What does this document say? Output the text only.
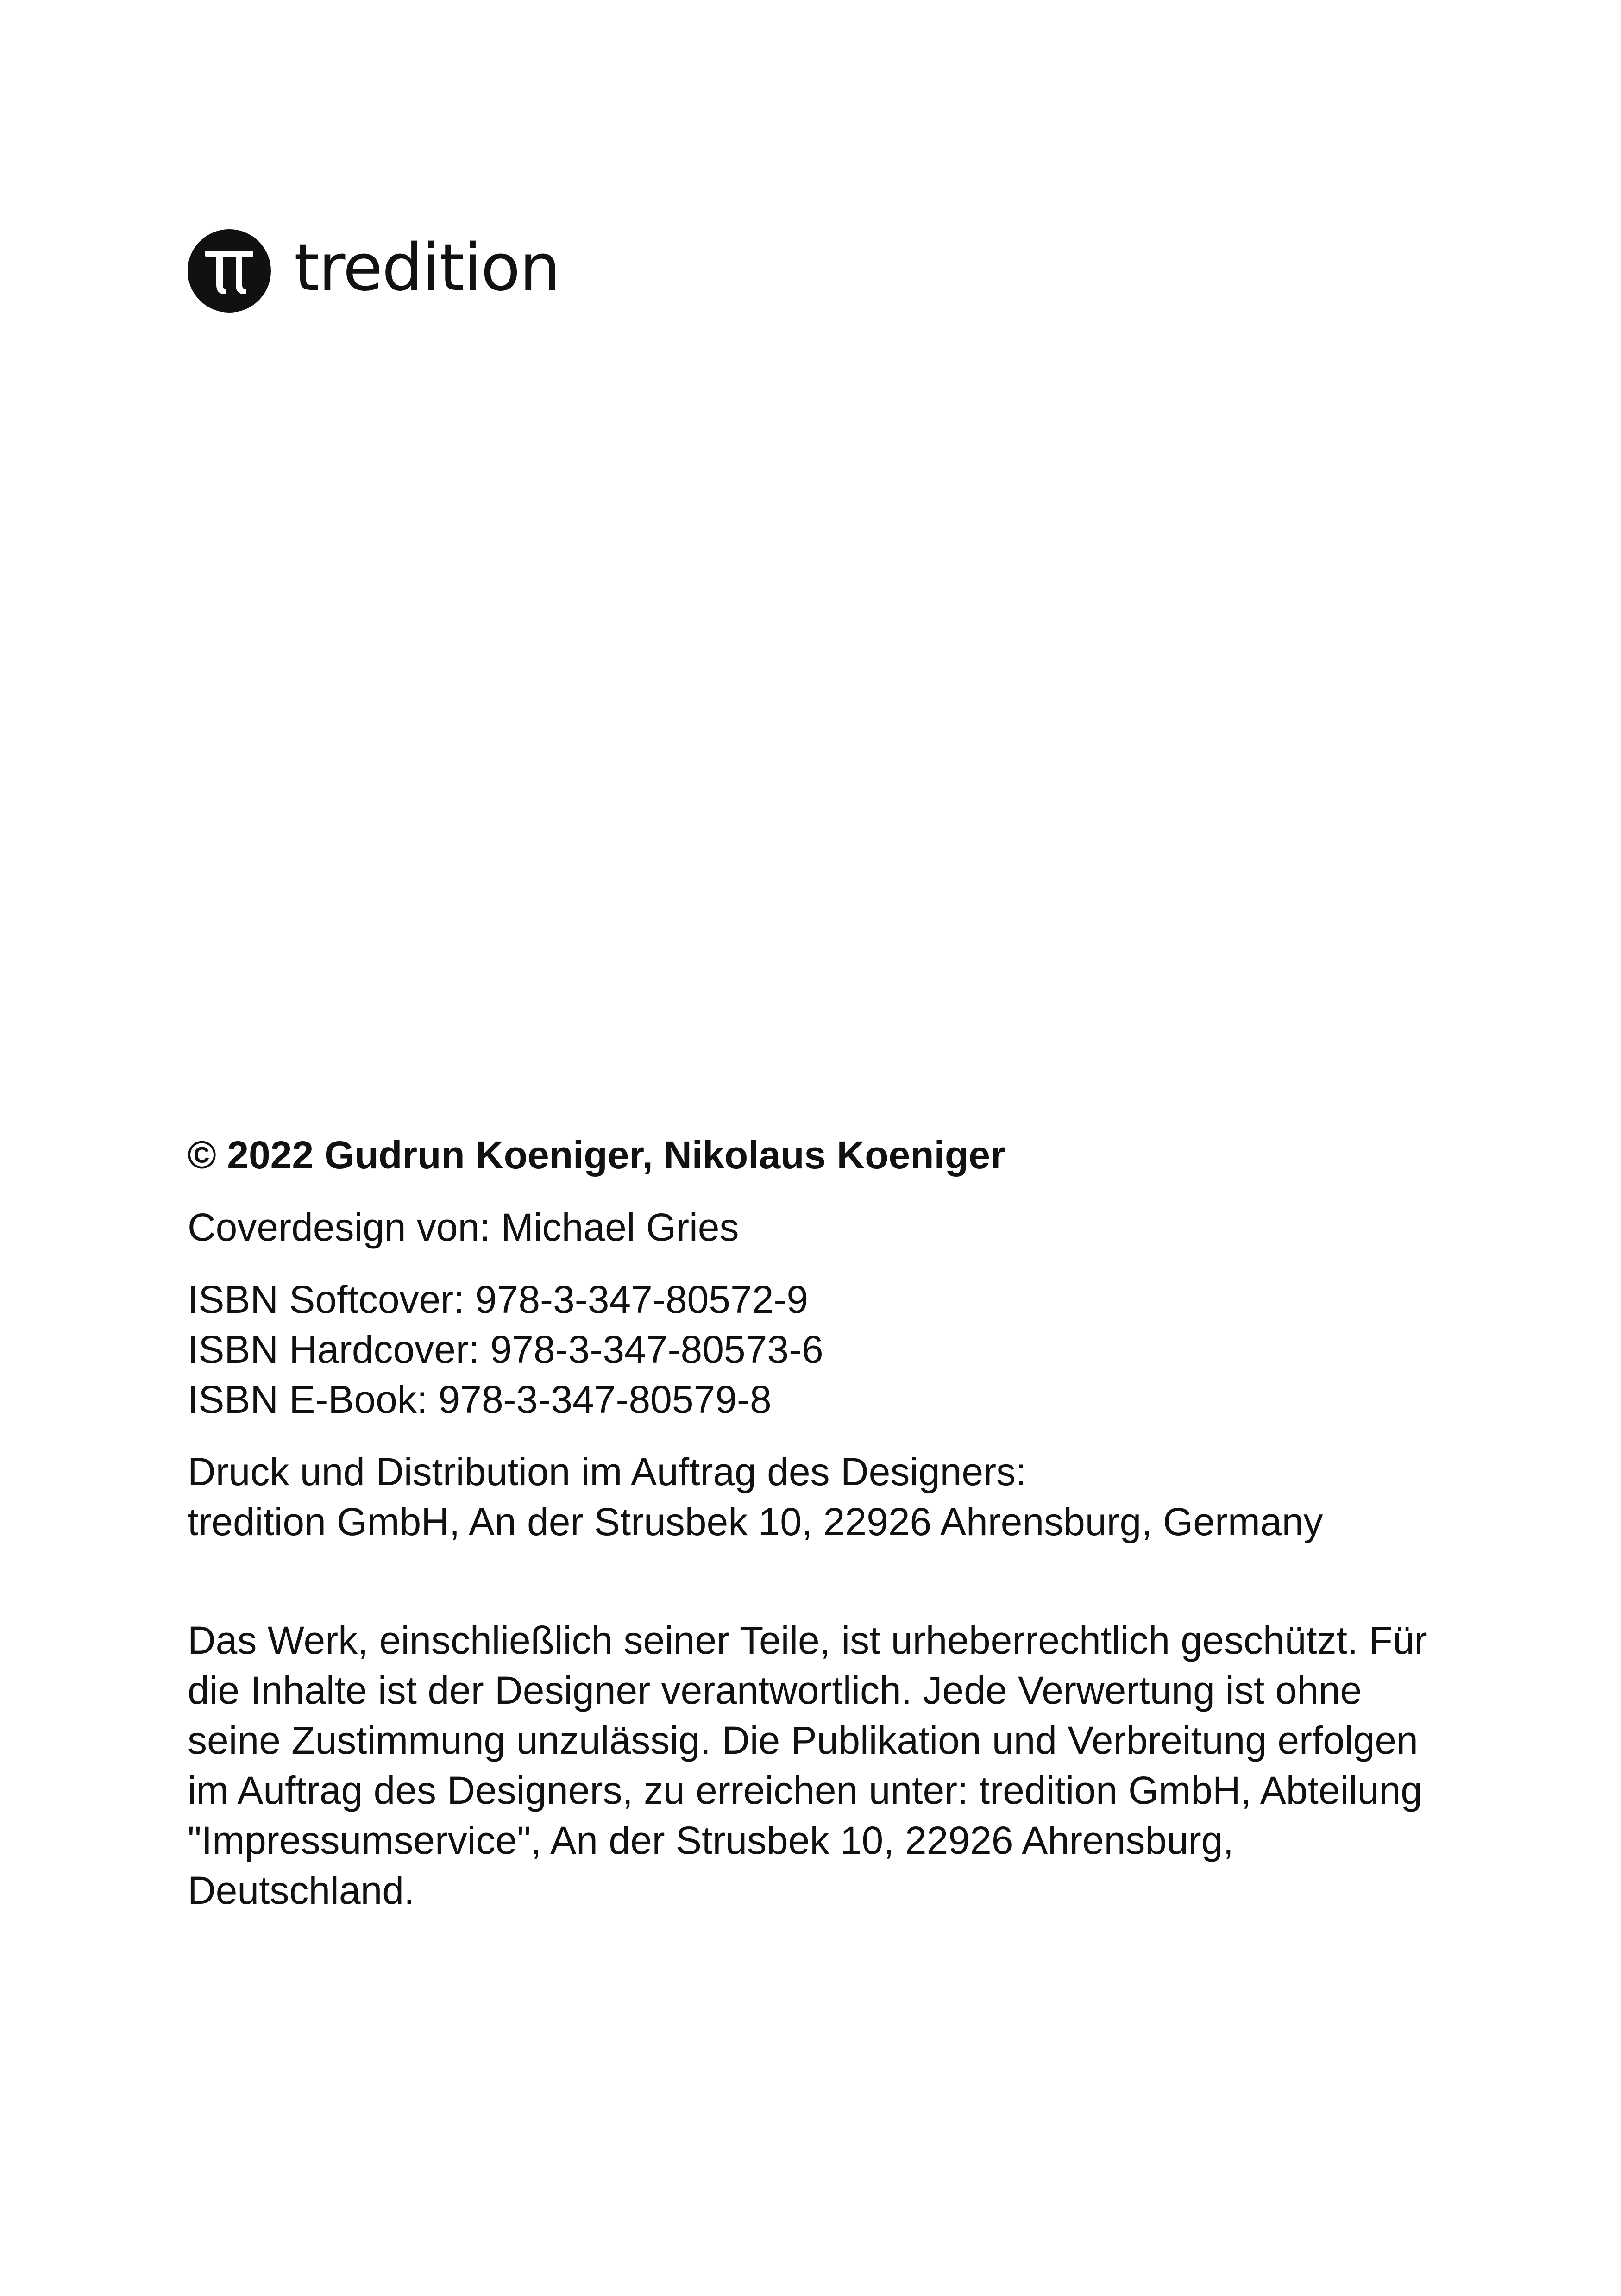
tredition
© 2022 Gudrun Koeniger, Nikolaus Koeniger
Coverdesign von: Michael Gries
ISBN Softcover: 978-3-347-80572-9
ISBN Hardcover: 978-3-347-80573-6
ISBN E-Book: 978-3-347-80579-8
Druck und Distribution im Auftrag des Designers:
tredition GmbH, An der Strusbek 10, 22926 Ahrensburg, Germany
Das Werk, einschließlich seiner Teile, ist urheberrechtlich geschützt. Für
die Inhalte ist der Designer verantwortlich. Jede Verwertung ist ohne
seine Zustimmung unzulässig. Die Publikation und Verbreitung erfolgen
im Auftrag des Designers, zu erreichen unter: tredition GmbH, Abteilung
"Impressumservice", An der Strusbek 10, 22926 Ahrensburg,
Deutschland.
